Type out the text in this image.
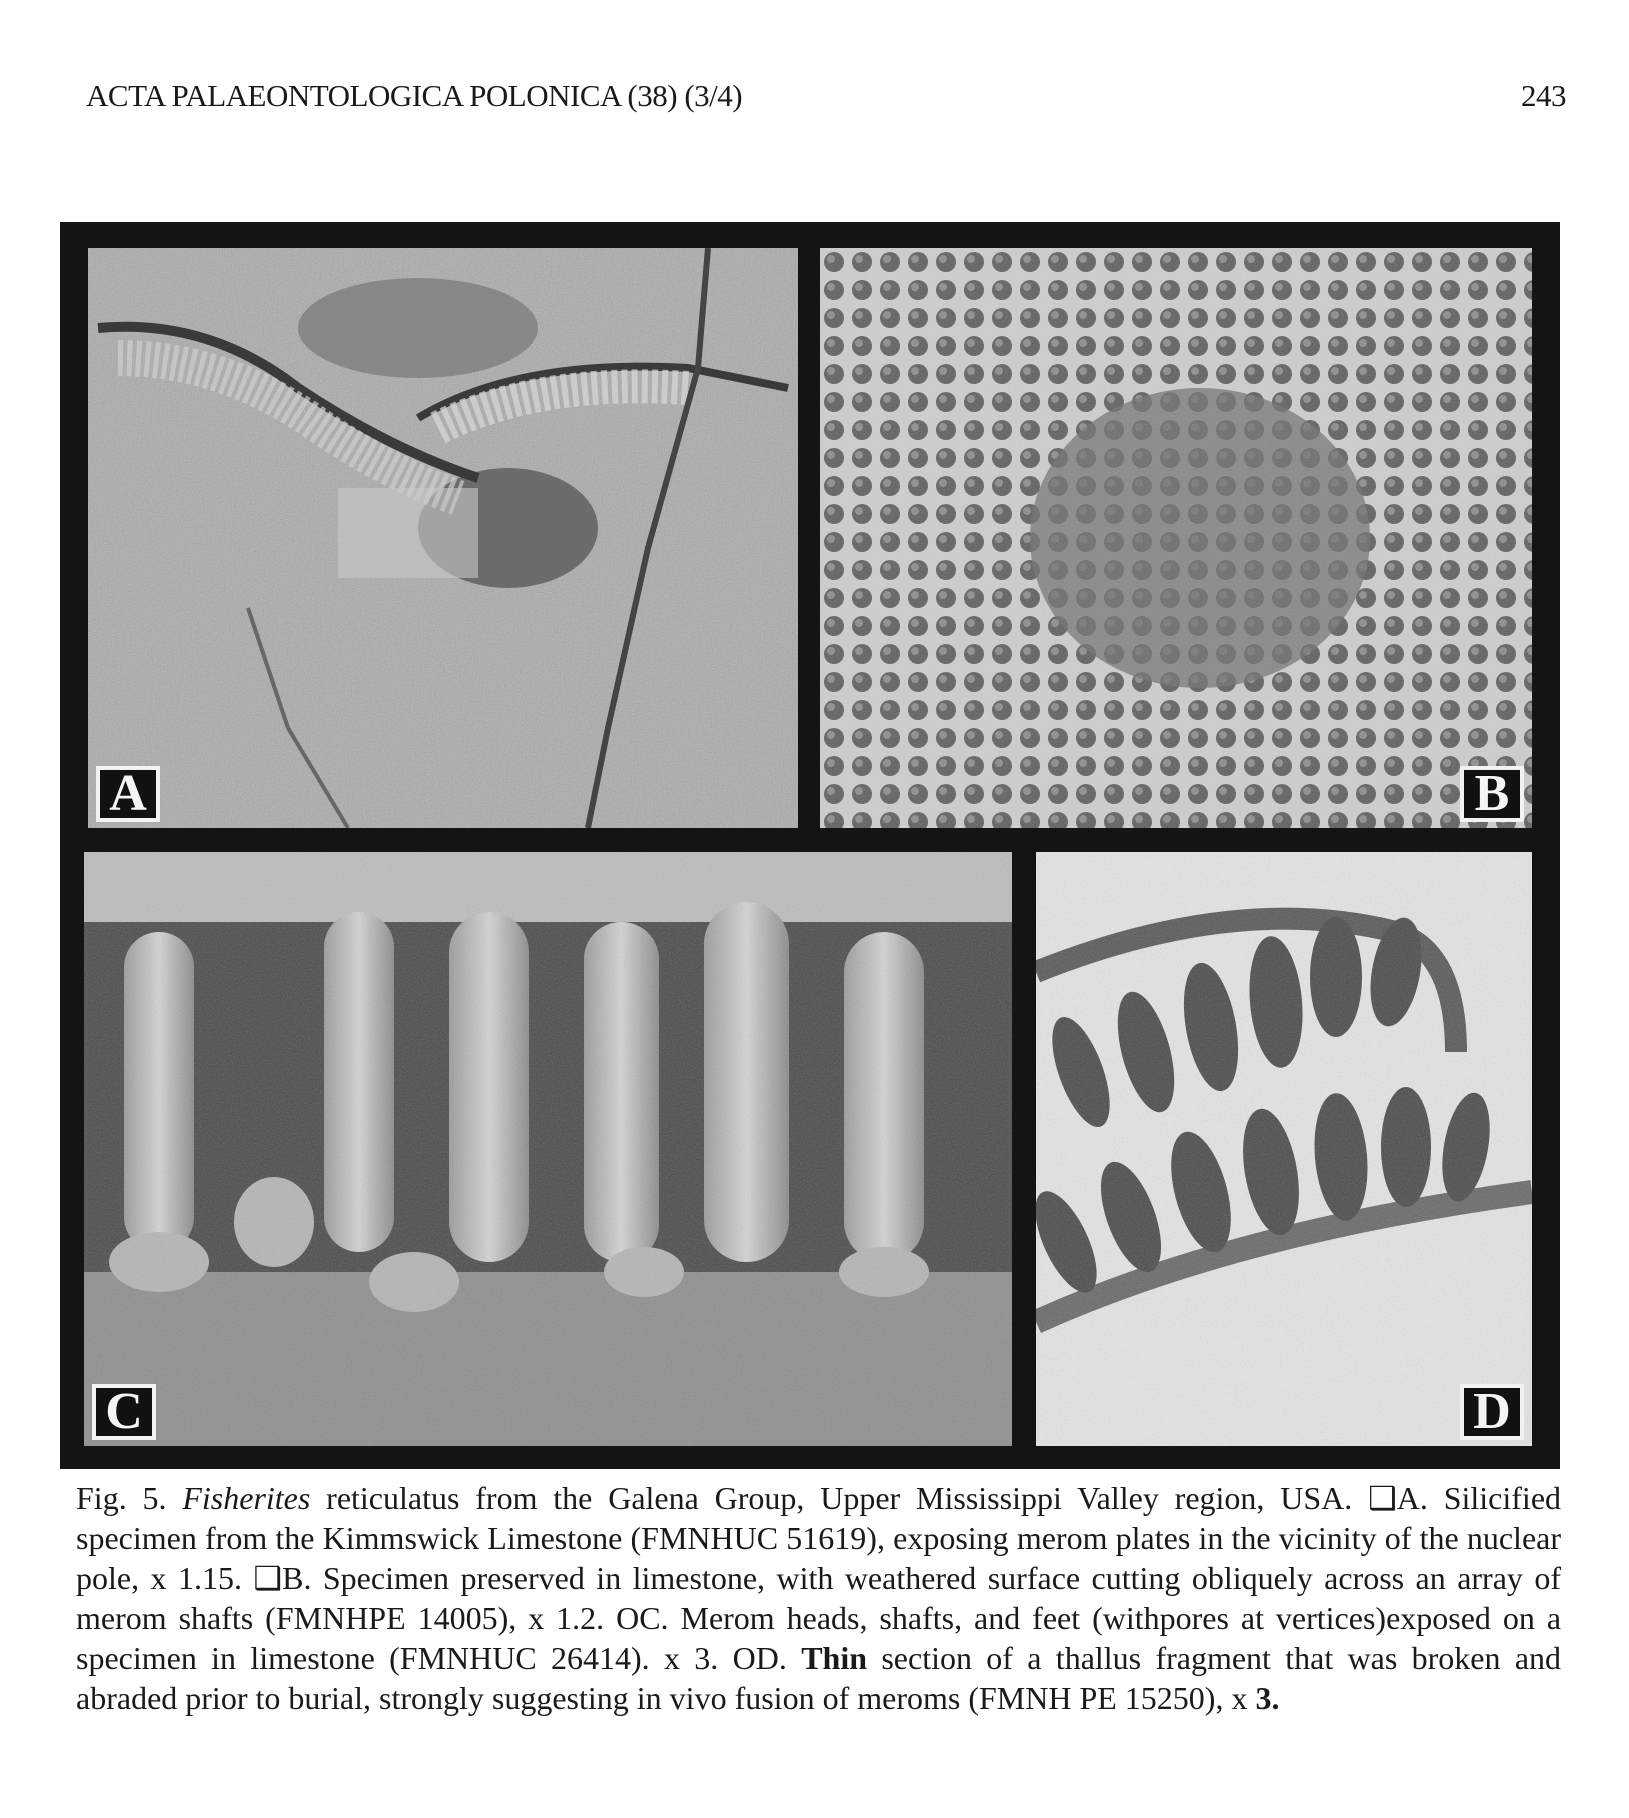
ACTA PALAEONTOLOGICA POLONICA (38) (3/4)	243
A	B
C	D

Fig. 5. Fisherites reticulatus from the Galena Group, Upper Mississippi Valley region, USA. ❑A. Silicified specimen from the Kimmswick Limestone (FMNHUC 51619), exposing merom plates in the vicinity of the nuclear pole, x 1.15. ❑B. Specimen preserved in limestone, with weathered surface cutting obliquely across an array of merom shafts (FMNHPE 14005), x 1.2. OC. Merom heads, shafts, and feet (withpores at vertices)exposed on a specimen in limestone (FMNHUC 26414). x 3. OD. Thin section of a thallus fragment that was broken and abraded prior to burial, strongly suggesting in vivo fusion of meroms (FMNH PE 15250), x 3.
